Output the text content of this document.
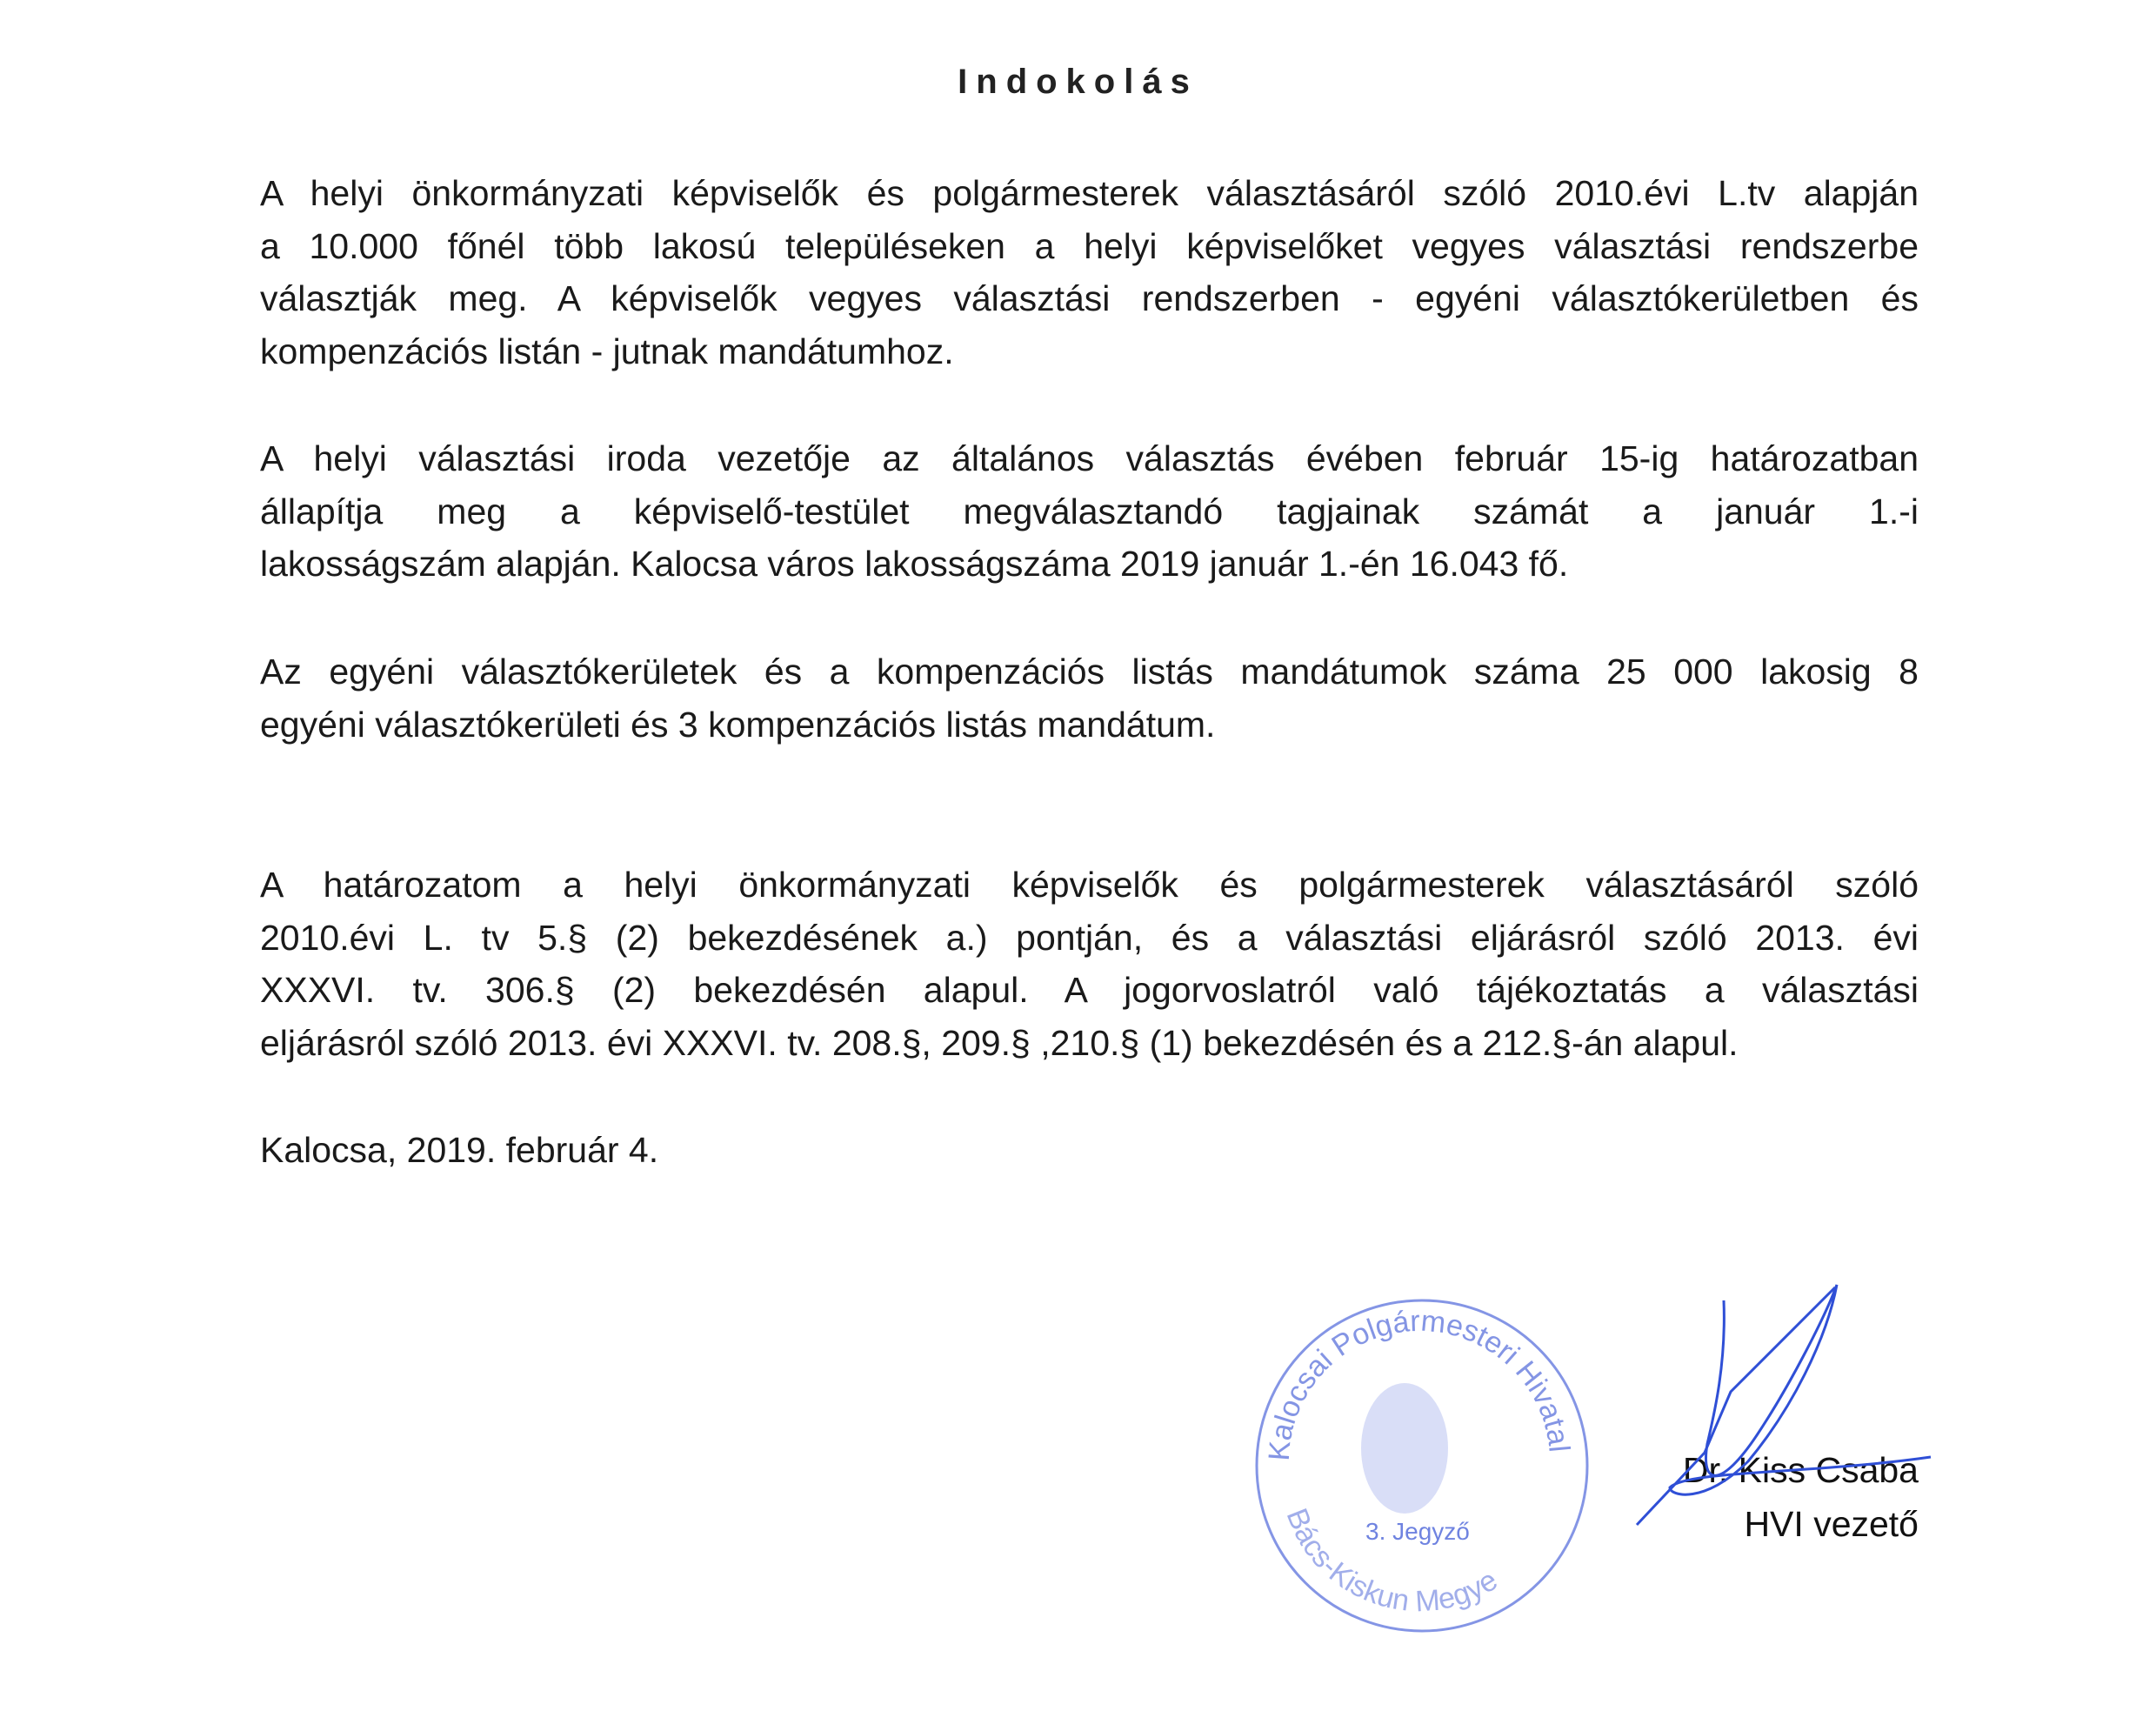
Indokolás
A helyi önkormányzati képviselők és polgármesterek választásáról szóló 2010.évi L.tv alapján
a 10.000 főnél több lakosú településeken a helyi képviselőket vegyes választási rendszerbe
választják meg. A képviselők vegyes választási rendszerben - egyéni választókerületben és
kompenzációs listán - jutnak mandátumhoz.
A helyi választási iroda vezetője az általános választás évében február 15-ig határozatban
állapítja meg a képviselő-testület megválasztandó tagjainak számát a január 1.-i
lakosságszám alapján. Kalocsa város lakosságszáma 2019 január 1.-én 16.043 fő.
Az egyéni választókerületek és a kompenzációs listás mandátumok száma 25 000 lakosig 8
egyéni választókerületi és 3 kompenzációs listás mandátum.
A határozatom a helyi önkormányzati képviselők és polgármesterek választásáról szóló
2010.évi L. tv 5.§ (2) bekezdésének a.) pontján, és a választási eljárásról szóló 2013. évi
XXXVI. tv. 306.§ (2) bekezdésén alapul. A jogorvoslatról való tájékoztatás a választási
eljárásról szóló 2013. évi XXXVI. tv. 208.§, 209.§ ,210.§ (1) bekezdésén és a 212.§-án alapul.
Kalocsa, 2019. február 4.
Kalocsai Polgármesteri Hivatal
Bács-Kiskun Megye
3. Jegyző
Dr. Kiss Csaba
HVI vezető
